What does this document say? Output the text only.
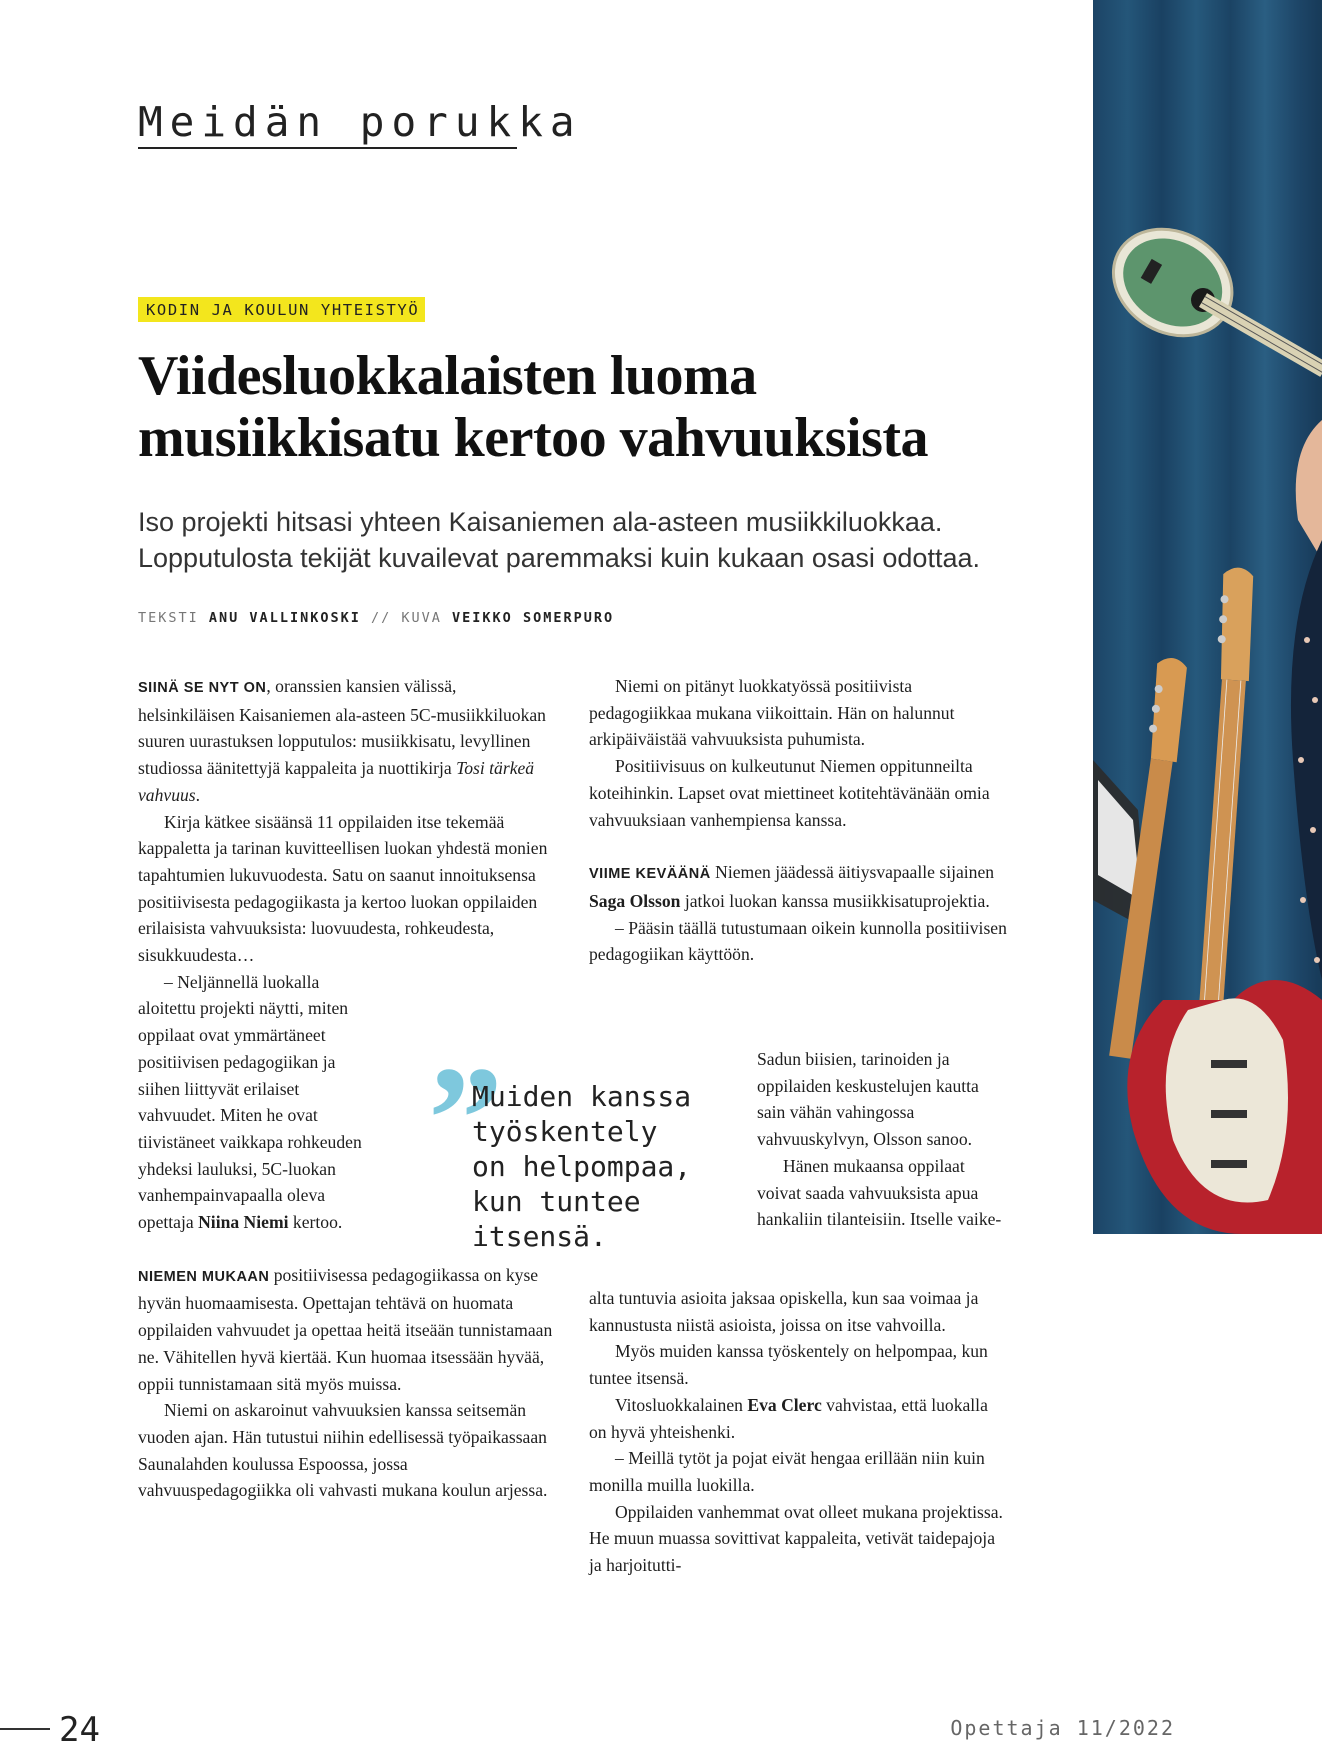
Meidän porukka
KODIN JA KOULUN YHTEISTYÖ
Viidesluokkalaisten luoma musiikkisatu kertoo vahvuuksista

Iso projekti hitsasi yhteen Kaisaniemen ala-asteen musiikkiluokkaa. Lopputulosta tekijät kuvailevat paremmaksi kuin kukaan osasi odottaa.

TEKSTI ANU VALLINKOSKI // KUVA VEIKKO SOMERPURO

SIINÄ SE NYT ON, oranssien kansien välissä, helsinkiläisen Kaisaniemen ala-asteen 5C-musiikkiluokan suuren uurastuksen lopputulos: musiikkisatu, levyllinen studiossa äänitettyjä kappaleita ja nuottikirja Tosi tärkeä vahvuus.

Kirja kätkee sisäänsä 11 oppilaiden itse tekemää kappaletta ja tarinan kuvitteellisen luokan yhdestä monien tapahtumien lukuvuodesta. Satu on saanut innoituksensa positiivisesta pedagogiikasta ja kertoo luokan oppilaiden erilaisista vahvuuksista: luovuudesta, rohkeudesta, sisukkuudesta…

– Neljännellä luokalla aloitettu projekti näytti, miten oppilaat ovat ymmärtäneet positiivisen pedagogiikan ja siihen liittyvät erilaiset vahvuudet. Miten he ovat tiivistäneet vaikkapa rohkeuden yhdeksi lauluksi, 5C-luokan vanhempainvapaalla oleva opettaja Niina Niemi kertoo.

NIEMEN MUKAAN positiivisessa pedagogiikassa on kyse hyvän huomaamisesta. Opettajan tehtävä on huomata oppilaiden vahvuudet ja opettaa heitä itseään tunnistamaan ne. Vähitellen hyvä kiertää. Kun huomaa itsessään hyvää, oppii tunnistamaan sitä myös muissa.

Niemi on askaroinut vahvuuksien kanssa seitsemän vuoden ajan. Hän tutustui niihin edellisessä työpaikassaan Saunalahden koulussa Espoossa, jossa vahvuuspedagogiikka oli vahvasti mukana koulun arjessa.

Niemi on pitänyt luokkatyössä positiivista pedagogiikkaa mukana viikoittain. Hän on halunnut arkipäiväistää vahvuuksista puhumista.

Positiivisuus on kulkeutunut Niemen oppitunneilta koteihinkin. Lapset ovat miettineet kotitehtävänään omia vahvuuksiaan vanhempiensa kanssa.

VIIME KEVÄÄNÄ Niemen jäädessä äitiysvapaalle sijainen Saga Olsson jatkoi luokan kanssa musiikkisatuprojektia.

– Pääsin täällä tutustumaan oikein kunnolla positiivisen pedagogiikan käyttöön.

Sadun biisien, tarinoiden ja oppilaiden keskustelujen kautta sain vähän vahingossa vahvuuskylvyn, Olsson sanoo.

Hänen mukaansa oppilaat voivat saada vahvuuksista apua hankaliin tilanteisiin. Itselle vaike-

alta tuntuvia asioita jaksaa opiskella, kun saa voimaa ja kannustusta niistä asioista, joissa on itse vahvoilla.

Myös muiden kanssa työskentely on helpompaa, kun tuntee itsensä.

Vitosluokkalainen Eva Clerc vahvistaa, että luokalla on hyvä yhteishenki.

– Meillä tytöt ja pojat eivät hengaa erillään niin kuin monilla muilla luokilla.

Oppilaiden vanhemmat ovat olleet mukana projektissa. He muun muassa sovittivat kappaleita, vetivät taidepajoja ja harjoitutti-

”

Muiden kanssa
työskentely
on helpompaa,
kun tuntee
itsensä.

24	Opettaja 11/2022
